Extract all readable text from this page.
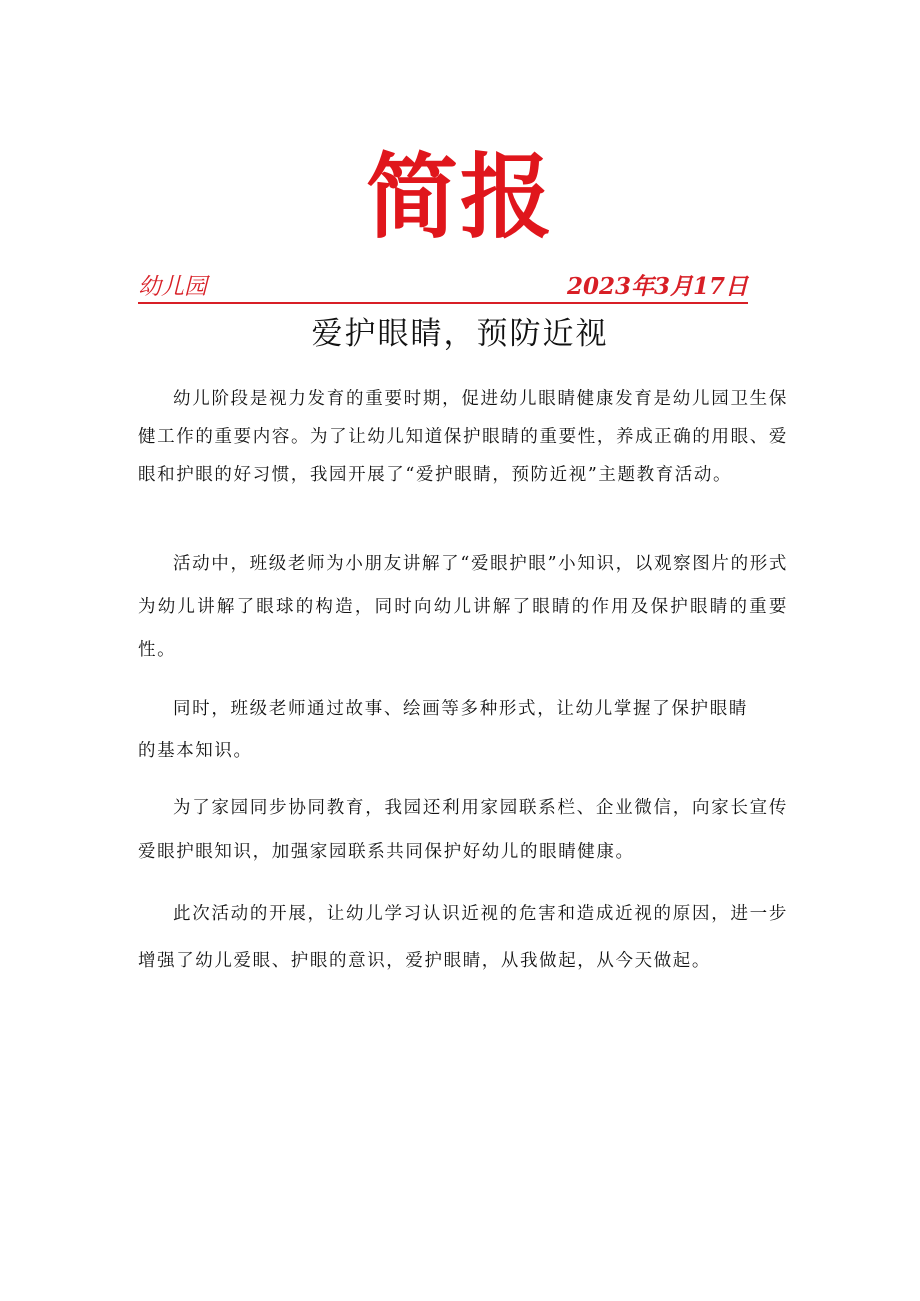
简报
幼儿园	2023年3月17日
爱护眼睛，预防近视

幼儿阶段是视力发育的重要时期，促进幼儿眼睛健康发育是幼儿园卫生保健工作的重要内容。为了让幼儿知道保护眼睛的重要性，养成正确的用眼、爱眼和护眼的好习惯，我园开展了“爱护眼睛，预防近视”主题教育活动。

活动中，班级老师为小朋友讲解了“爱眼护眼”小知识，以观察图片的形式为幼儿讲解了眼球的构造，同时向幼儿讲解了眼睛的作用及保护眼睛的重要性。

同时，班级老师通过故事、绘画等多种形式，让幼儿掌握了保护眼睛的基本知识。

为了家园同步协同教育，我园还利用家园联系栏、企业微信，向家长宣传爱眼护眼知识，加强家园联系共同保护好幼儿的眼睛健康。

此次活动的开展，让幼儿学习认识近视的危害和造成近视的原因，进一步增强了幼儿爱眼、护眼的意识，爱护眼睛，从我做起，从今天做起。
